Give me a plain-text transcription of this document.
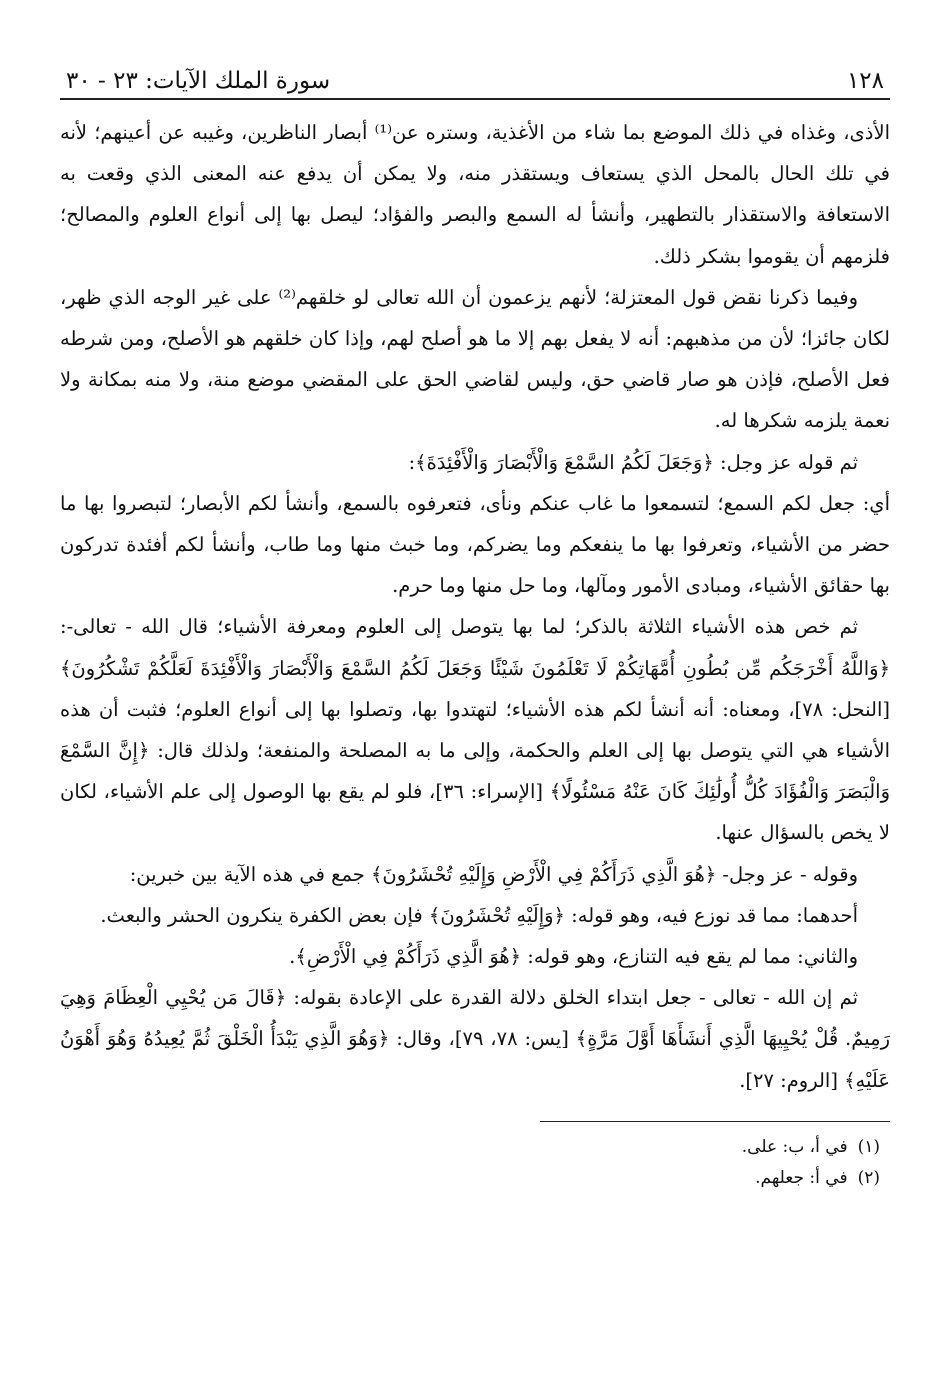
١٢٨
سورة الملك الآيات: ٢٣ - ٣٠

الأذى، وغذاه في ذلك الموضع بما شاء من الأغذية، وستره عن⁽¹⁾ أبصار الناظرين، وغيبه عن أعينهم؛ لأنه في تلك الحال بالمحل الذي يستعاف ويستقذر منه، ولا يمكن أن يدفع عنه المعنى الذي وقعت به الاستعافة والاستقذار بالتطهير، وأنشأ له السمع والبصر والفؤاد؛ ليصل بها إلى أنواع العلوم والمصالح؛ فلزمهم أن يقوموا بشكر ذلك.

وفيما ذكرنا نقض قول المعتزلة؛ لأنهم يزعمون أن الله تعالى لو خلقهم⁽²⁾ على غير الوجه الذي ظهر، لكان جائزا؛ لأن من مذهبهم: أنه لا يفعل بهم إلا ما هو أصلح لهم، وإذا كان خلقهم هو الأصلح، ومن شرطه فعل الأصلح، فإذن هو صار قاضي حق، وليس لقاضي الحق على المقضي موضع منة، ولا منه بمكانة ولا نعمة يلزمه شكرها له.

ثم قوله عز وجل: ﴿وَجَعَلَ لَكُمُ السَّمْعَ وَالْأَبْصَارَ وَالْأَفْئِدَةَ﴾:

أي: جعل لكم السمع؛ لتسمعوا ما غاب عنكم ونأى، فتعرفوه بالسمع، وأنشأ لكم الأبصار؛ لتبصروا بها ما حضر من الأشياء، وتعرفوا بها ما ينفعكم وما يضركم، وما خبث منها وما طاب، وأنشأ لكم أفئدة تدركون بها حقائق الأشياء، ومبادى الأمور ومآلها، وما حل منها وما حرم.

ثم خص هذه الأشياء الثلاثة بالذكر؛ لما بها يتوصل إلى العلوم ومعرفة الأشياء؛ قال الله - تعالى-: ﴿وَاللَّهُ أَخْرَجَكُم مِّن بُطُونِ أُمَّهَاتِكُمْ لَا تَعْلَمُونَ شَيْئًا وَجَعَلَ لَكُمُ السَّمْعَ وَالْأَبْصَارَ وَالْأَفْئِدَةَ لَعَلَّكُمْ تَشْكُرُونَ﴾ [النحل: ٧٨]، ومعناه: أنه أنشأ لكم هذه الأشياء؛ لتهتدوا بها، وتصلوا بها إلى أنواع العلوم؛ فثبت أن هذه الأشياء هي التي يتوصل بها إلى العلم والحكمة، وإلى ما به المصلحة والمنفعة؛ ولذلك قال: ﴿إِنَّ السَّمْعَ وَالْبَصَرَ وَالْفُؤَادَ كُلُّ أُولَٰئِكَ كَانَ عَنْهُ مَسْئُولًا﴾ [الإسراء: ٣٦]، فلو لم يقع بها الوصول إلى علم الأشياء، لكان لا يخص بالسؤال عنها.

وقوله - عز وجل- ﴿هُوَ الَّذِي ذَرَأَكُمْ فِي الْأَرْضِ وَإِلَيْهِ تُحْشَرُونَ﴾ جمع في هذه الآية بين خبرين:

أحدهما: مما قد نوزع فيه، وهو قوله: ﴿وَإِلَيْهِ تُحْشَرُونَ﴾ فإن بعض الكفرة ينكرون الحشر والبعث.

والثاني: مما لم يقع فيه التنازع، وهو قوله: ﴿هُوَ الَّذِي ذَرَأَكُمْ فِي الْأَرْضِ﴾.

ثم إن الله - تعالى - جعل ابتداء الخلق دلالة القدرة على الإعادة بقوله: ﴿قَالَ مَن يُحْيِي الْعِظَامَ وَهِيَ رَمِيمٌ. قُلْ يُحْيِيهَا الَّذِي أَنشَأَهَا أَوَّلَ مَرَّةٍ﴾ [يس: ٧٨، ٧٩]، وقال: ﴿وَهُوَ الَّذِي يَبْدَأُ الْخَلْقَ ثُمَّ يُعِيدُهُ وَهُوَ أَهْوَنُ عَلَيْهِ﴾ [الروم: ٢٧].

(١)
في أ، ب: على.
(٢)
في أ: جعلهم.
